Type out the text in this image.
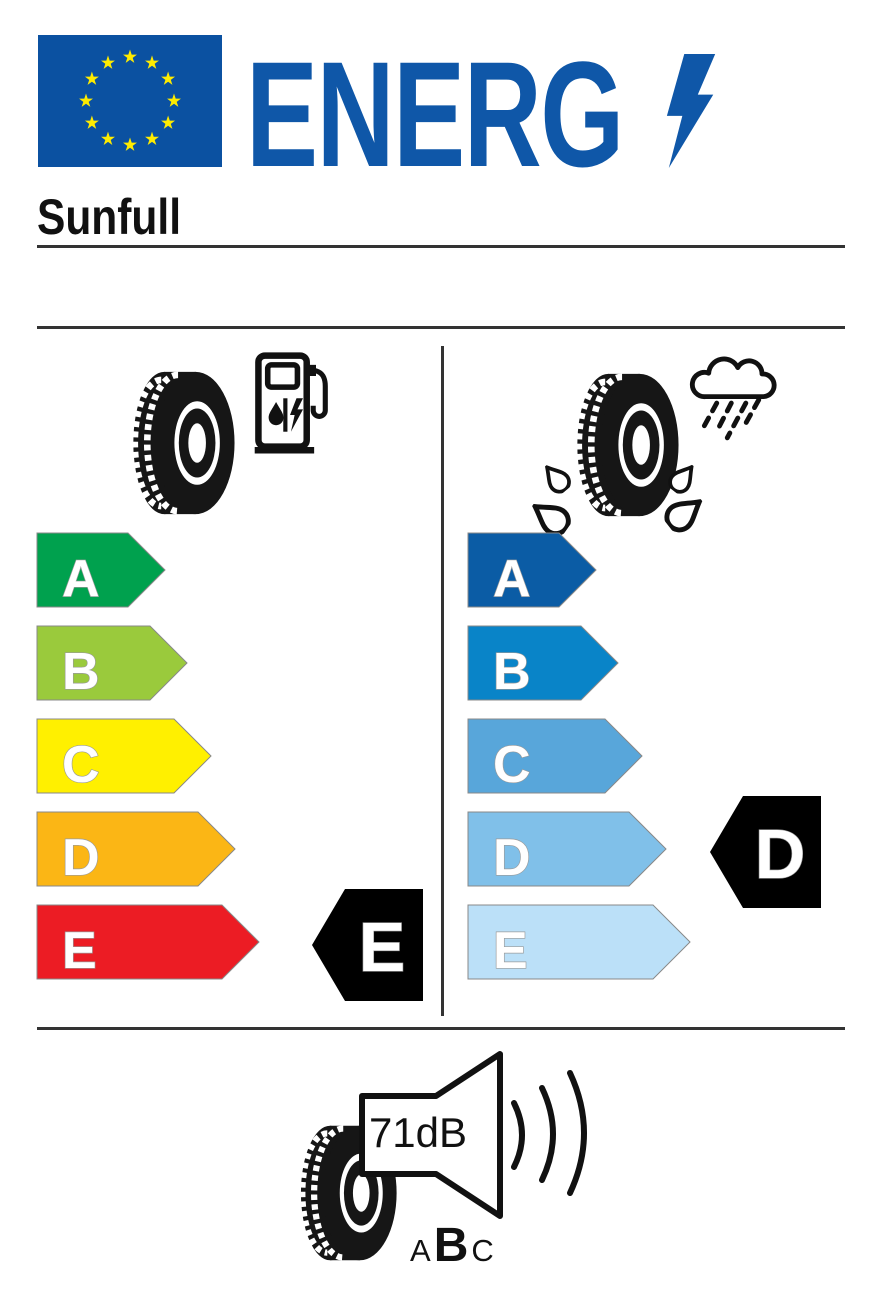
ENERG
Sunfull
A
B
C
D
E	E
A
B
C
D
E
D
71dB
A B C
